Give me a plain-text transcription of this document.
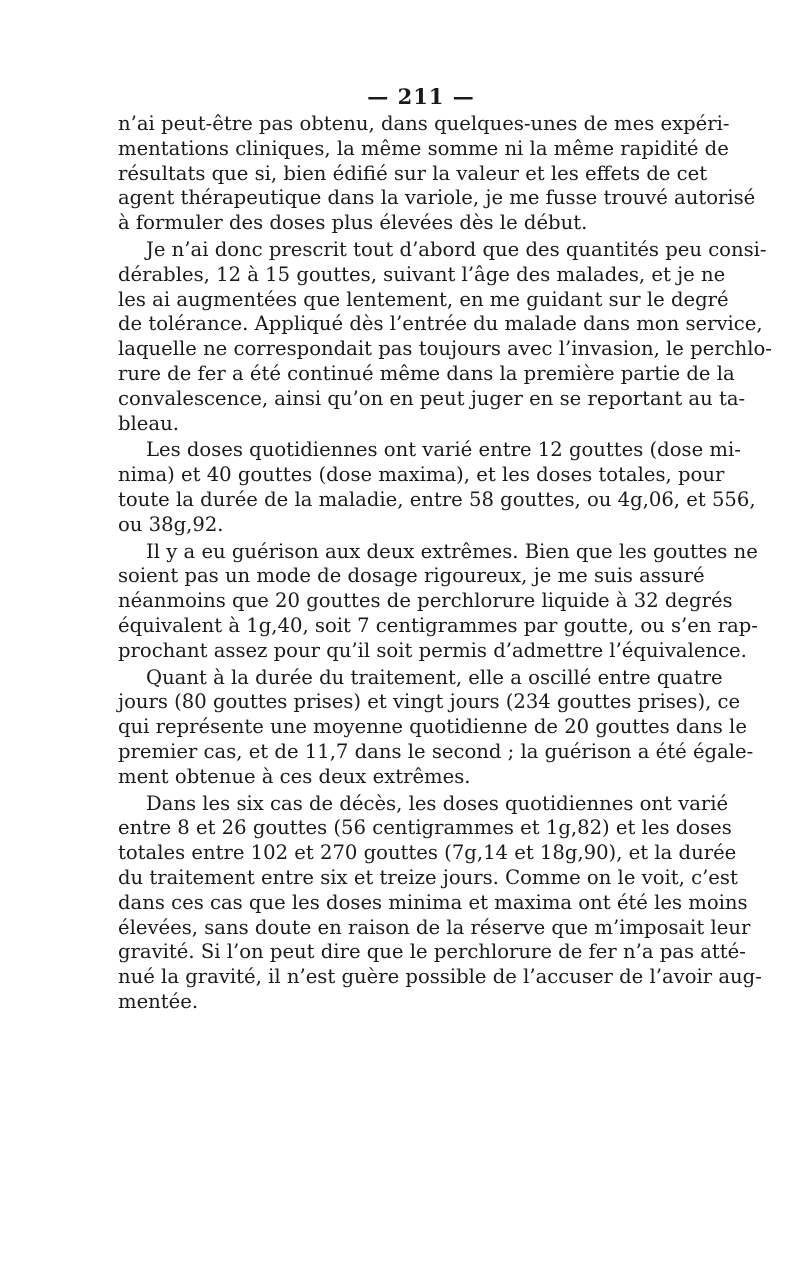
— 211 —
n’ai peut-être pas obtenu, dans quelques-unes de mes expéri-
mentations cliniques, la même somme ni la même rapidité de
résultats que si, bien édifié sur la valeur et les effets de cet
agent thérapeutique dans la variole, je me fusse trouvé autorisé
à formuler des doses plus élevées dès le début.
Je n’ai donc prescrit tout d’abord que des quantités peu consi-
dérables, 12 à 15 gouttes, suivant l’âge des malades, et je ne
les ai augmentées que lentement, en me guidant sur le degré
de tolérance. Appliqué dès l’entrée du malade dans mon service,
laquelle ne correspondait pas toujours avec l’invasion, le perchlo-
rure de fer a été continué même dans la première partie de la
convalescence, ainsi qu’on en peut juger en se reportant au ta-
bleau.
Les doses quotidiennes ont varié entre 12 gouttes (dose mi-
nima) et 40 gouttes (dose maxima), et les doses totales, pour
toute la durée de la maladie, entre 58 gouttes, ou 4g,06, et 556,
ou 38g,92.
Il y a eu guérison aux deux extrêmes. Bien que les gouttes ne
soient pas un mode de dosage rigoureux, je me suis assuré
néanmoins que 20 gouttes de perchlorure liquide à 32 degrés
équivalent à 1g,40, soit 7 centigrammes par goutte, ou s’en rap-
prochant assez pour qu’il soit permis d’admettre l’équivalence.
Quant à la durée du traitement, elle a oscillé entre quatre
jours (80 gouttes prises) et vingt jours (234 gouttes prises), ce
qui représente une moyenne quotidienne de 20 gouttes dans le
premier cas, et de 11,7 dans le second ; la guérison a été égale-
ment obtenue à ces deux extrêmes.
Dans les six cas de décès, les doses quotidiennes ont varié
entre 8 et 26 gouttes (56 centigrammes et 1g,82) et les doses
totales entre 102 et 270 gouttes (7g,14 et 18g,90), et la durée
du traitement entre six et treize jours. Comme on le voit, c’est
dans ces cas que les doses minima et maxima ont été les moins
élevées, sans doute en raison de la réserve que m’imposait leur
gravité. Si l’on peut dire que le perchlorure de fer n’a pas atté-
nué la gravité, il n’est guère possible de l’accuser de l’avoir aug-
mentée.
